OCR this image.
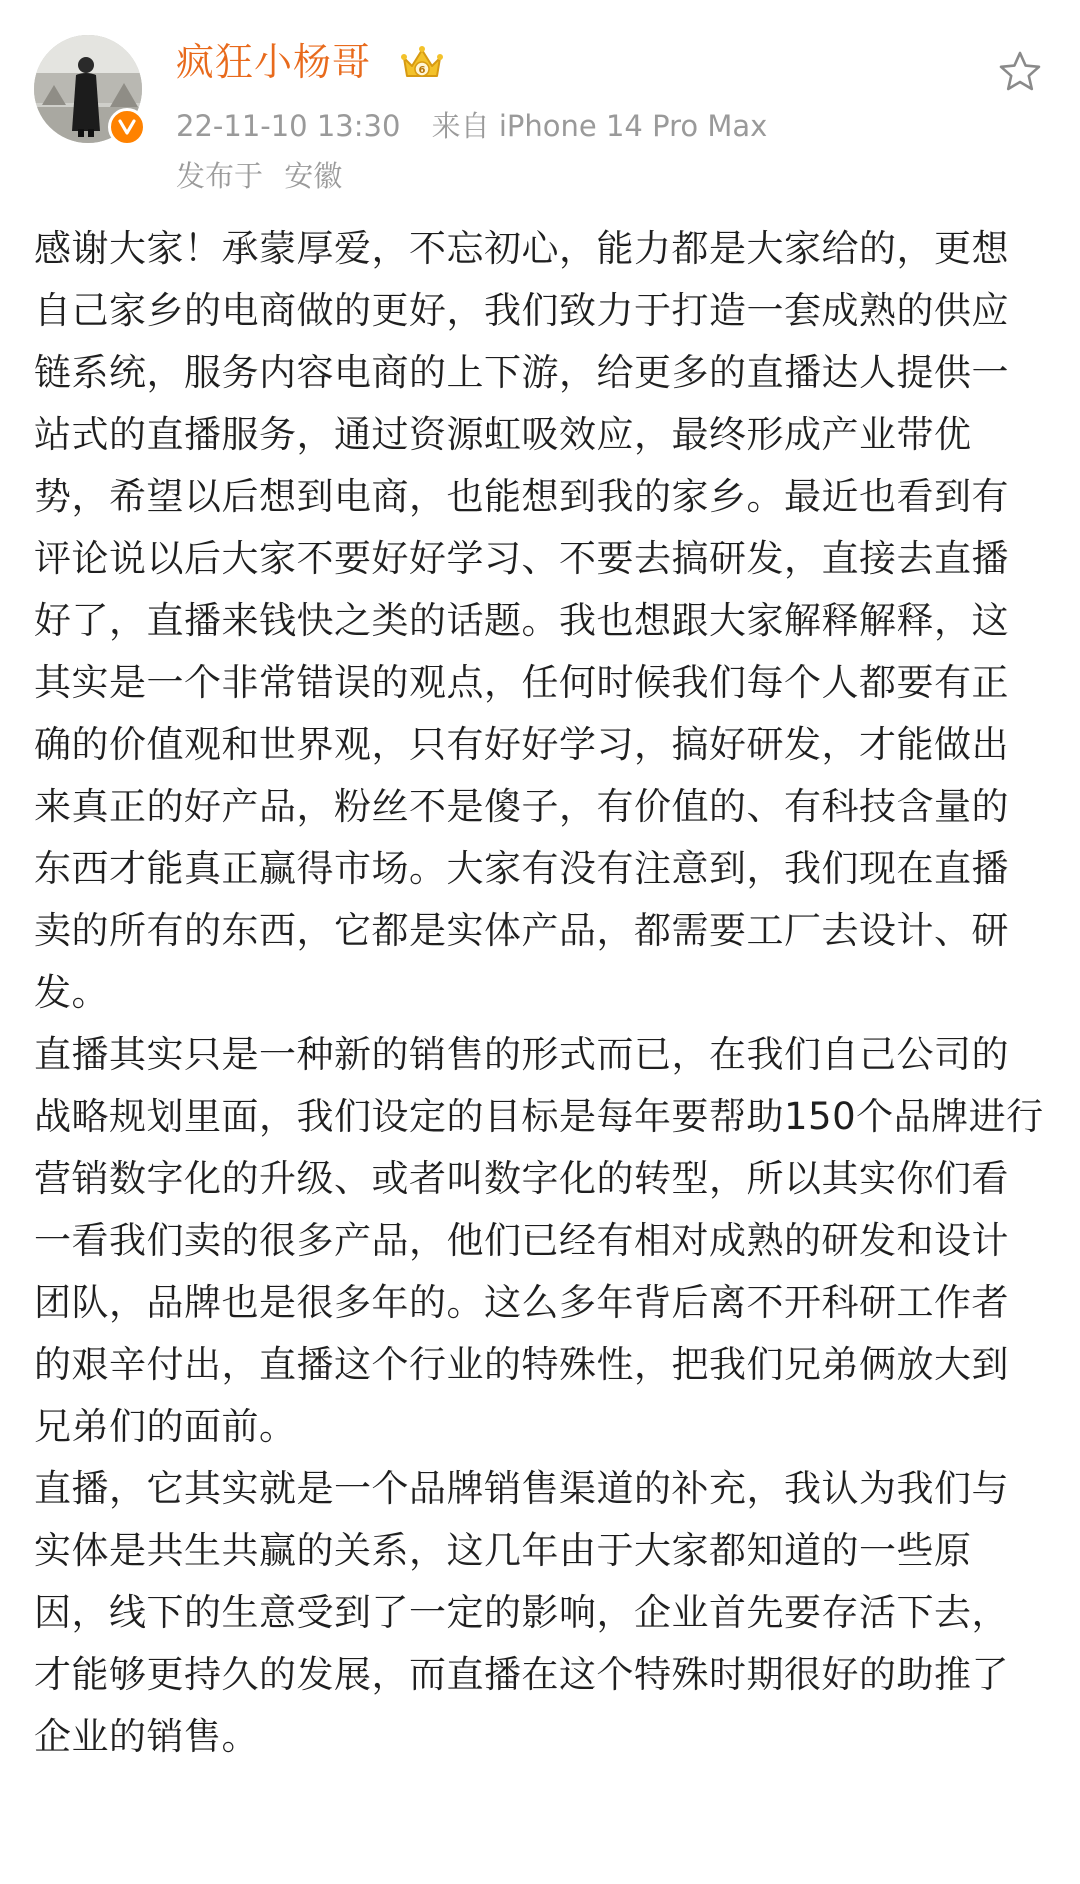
疯狂小杨哥	6
22-11-10 13:30 来自 iPhone 14 Pro Max
发布于 安徽

感谢大家！承蒙厚爱，不忘初心，能力都是大家给的，更想自己家乡的电商做的更好，我们致力于打造一套成熟的供应链系统，服务内容电商的上下游，给更多的直播达人提供一站式的直播服务，通过资源虹吸效应，最终形成产业带优势，希望以后想到电商，也能想到我的家乡。最近也看到有评论说以后大家不要好好学习、不要去搞研发，直接去直播好了，直播来钱快之类的话题。我也想跟大家解释解释，这其实是一个非常错误的观点，任何时候我们每个人都要有正确的价值观和世界观，只有好好学习，搞好研发，才能做出来真正的好产品，粉丝不是傻子，有价值的、有科技含量的东西才能真正赢得市场。大家有没有注意到，我们现在直播卖的所有的东西，它都是实体产品，都需要工厂去设计、研发。

直播其实只是一种新的销售的形式而已，在我们自己公司的战略规划里面，我们设定的目标是每年要帮助150个品牌进行营销数字化的升级、或者叫数字化的转型，所以其实你们看一看我们卖的很多产品，他们已经有相对成熟的研发和设计团队，品牌也是很多年的。这么多年背后离不开科研工作者的艰辛付出，直播这个行业的特殊性，把我们兄弟俩放大到兄弟们的面前。

直播，它其实就是一个品牌销售渠道的补充，我认为我们与实体是共生共赢的关系，这几年由于大家都知道的一些原因，线下的生意受到了一定的影响，企业首先要存活下去，才能够更持久的发展，而直播在这个特殊时期很好的助推了企业的销售。
